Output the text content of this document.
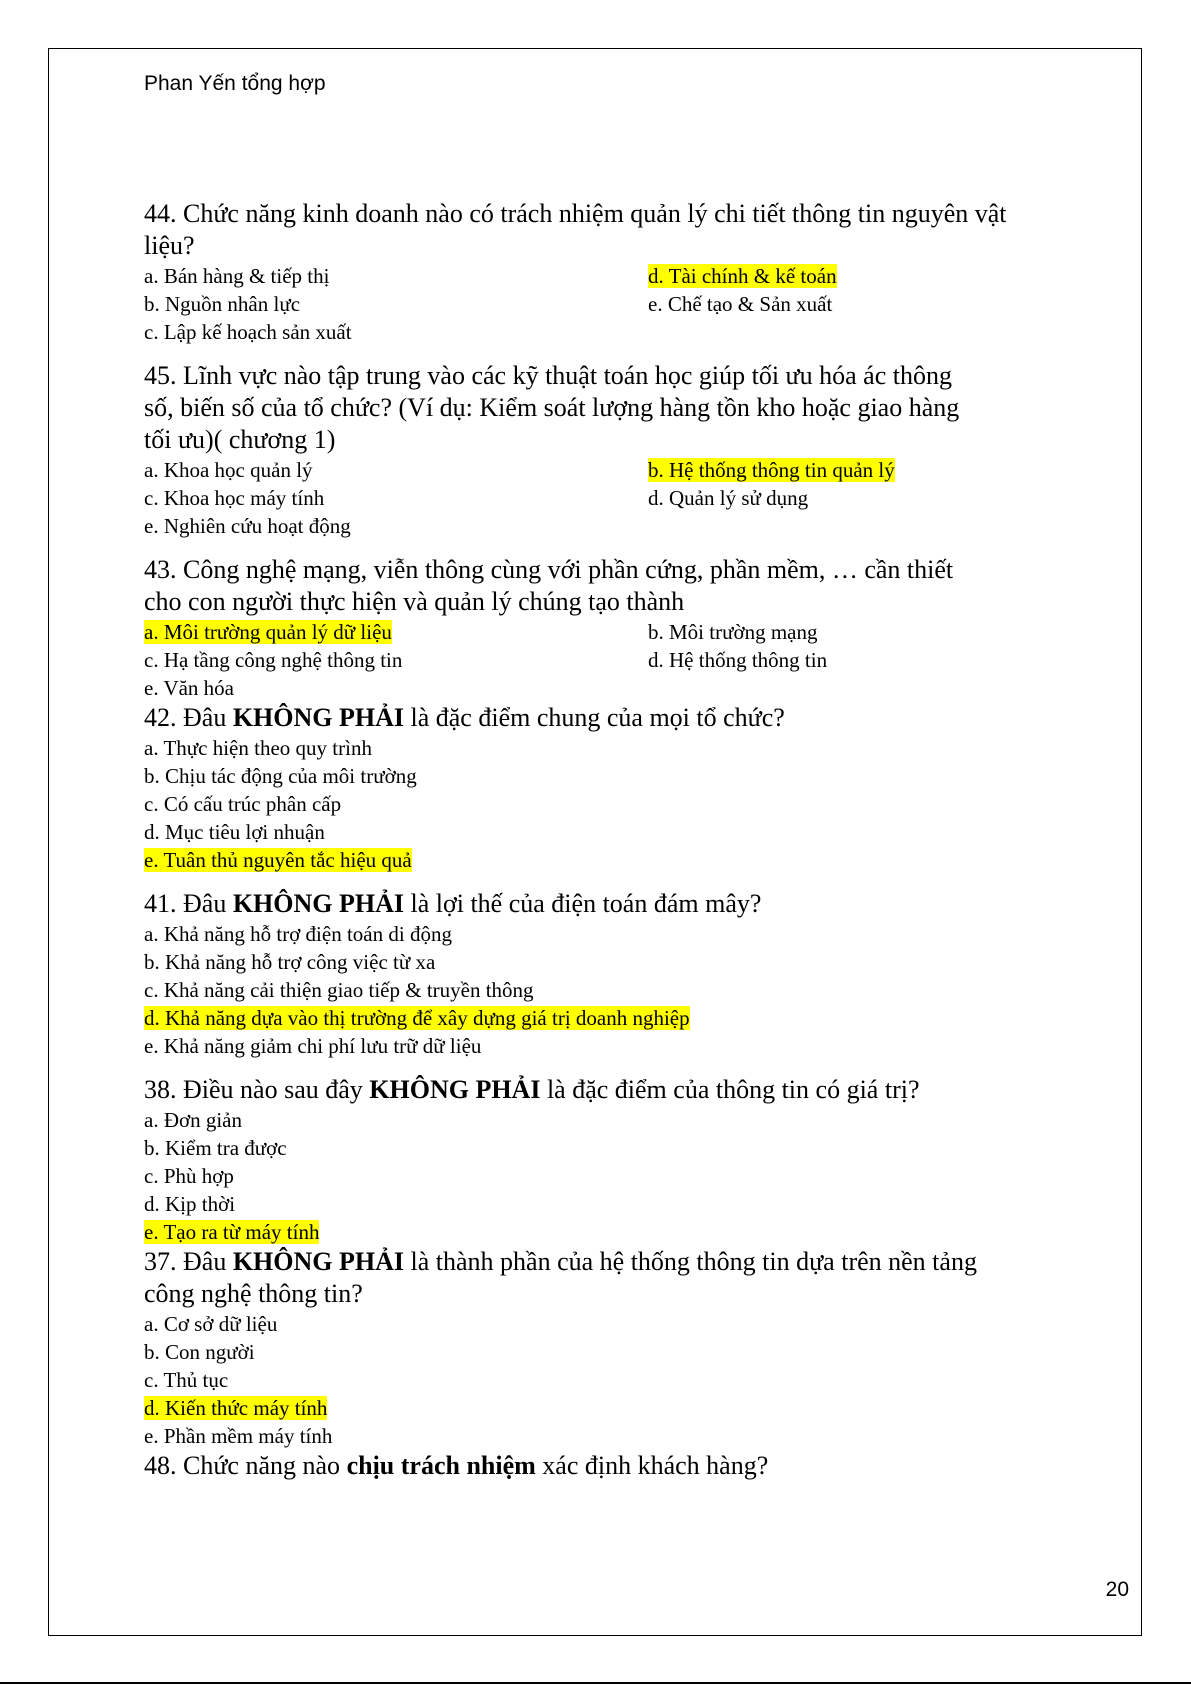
Phan Yến tổng hợp
44. Chức năng kinh doanh nào có trách nhiệm quản lý chi tiết thông tin nguyên vật liệu?
a. Bán hàng & tiếp thị	d. Tài chính & kế toán
b. Nguồn nhân lực	e. Chế tạo & Sản xuất
c. Lập kế hoạch sản xuất
45. Lĩnh vực nào tập trung vào các kỹ thuật toán học giúp tối ưu hóa ác thông
số, biến số của tổ chức? (Ví dụ: Kiểm soát lượng hàng tồn kho hoặc giao hàng
tối ưu)( chương 1)
a. Khoa học quản lý	b. Hệ thống thông tin quản lý
c. Khoa học máy tính	d. Quản lý sử dụng
e. Nghiên cứu hoạt động
43. Công nghệ mạng, viễn thông cùng với phần cứng, phần mềm, … cần thiết
cho con người thực hiện và quản lý chúng tạo thành
a. Môi trường quản lý dữ liệu	b. Môi trường mạng
c. Hạ tầng công nghệ thông tin	d. Hệ thống thông tin
e. Văn hóa
42. Đâu KHÔNG PHẢI là đặc điểm chung của mọi tổ chức?
a. Thực hiện theo quy trình
b. Chịu tác động của môi trường
c. Có cấu trúc phân cấp
d. Mục tiêu lợi nhuận
e. Tuân thủ nguyên tắc hiệu quả
41. Đâu KHÔNG PHẢI là lợi thế của điện toán đám mây?
a. Khả năng hỗ trợ điện toán di động
b. Khả năng hỗ trợ công việc từ xa
c. Khả năng cải thiện giao tiếp & truyền thông
d. Khả năng dựa vào thị trường để xây dựng giá trị doanh nghiệp
e. Khả năng giảm chi phí lưu trữ dữ liệu
38. Điều nào sau đây KHÔNG PHẢI là đặc điểm của thông tin có giá trị?
a. Đơn giản
b. Kiểm tra được
c. Phù hợp
d. Kịp thời
e. Tạo ra từ máy tính
37. Đâu KHÔNG PHẢI là thành phần của hệ thống thông tin dựa trên nền tảng
công nghệ thông tin?
a. Cơ sở dữ liệu
b. Con người
c. Thủ tục
d. Kiến thức máy tính
e. Phần mềm máy tính
48. Chức năng nào chịu trách nhiệm xác định khách hàng?
20
